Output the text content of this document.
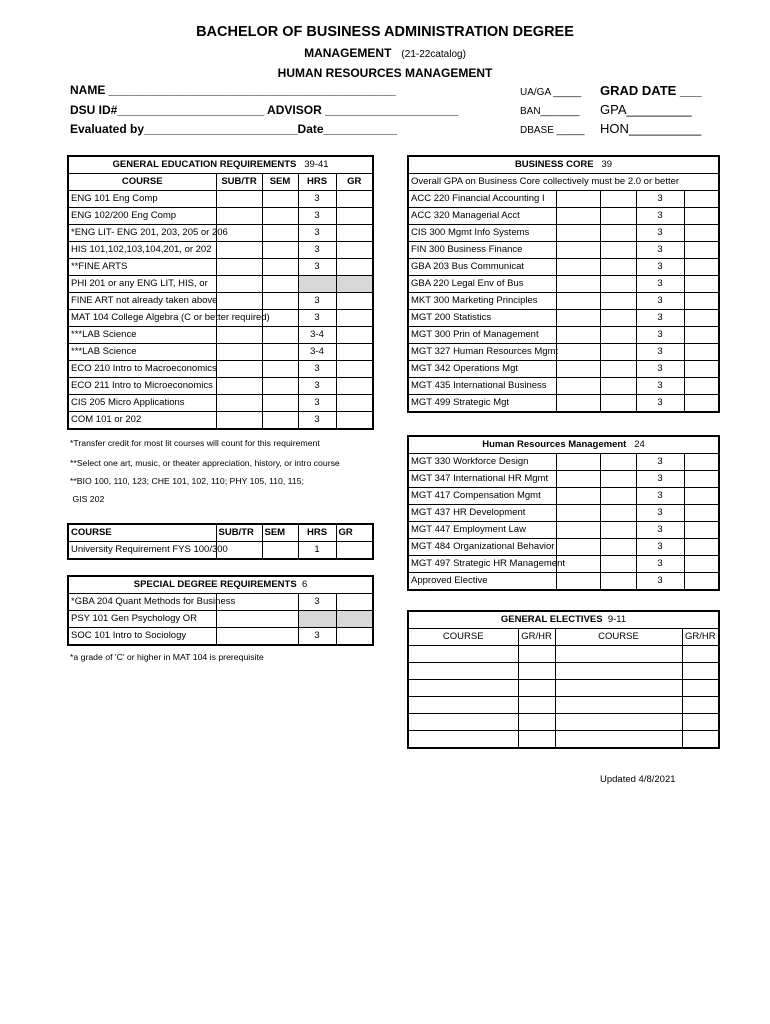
BACHELOR OF BUSINESS ADMINISTRATION DEGREE
MANAGEMENT (21-22catalog)
HUMAN RESOURCES MANAGEMENT
NAME ___________________________________________
DSU ID#______________________ ADVISOR ____________________
Evaluated by_______________________Date___________
UA/GA _____
BAN_______
DBASE _____
GRAD DATE ___
GPA_________
HON__________
GENERAL EDUCATION REQUIREMENTS 39-41				
COURSE	SUB/TR	SEM	HRS	GR
ENG 101 Eng Comp			3	
ENG 102/200 Eng Comp			3	
*ENG LIT- ENG 201, 203, 205 or 206			3	
HIS 101,102,103,104,201, or 202			3	
**FINE ARTS			3	
PHI 201 or any ENG LIT, HIS, or				
FINE ART not already taken above			3	
MAT 104 College Algebra (C or better required)			3	
***LAB Science			3-4	
***LAB Science			3-4	
ECO 210 Intro to Macroeconomics			3	
ECO 211 Intro to Microeconomics			3	
CIS 205 Micro Applications			3	
COM 101 or 202			3	
*Transfer credit for most lit courses will count for this requirement
**Select one art, music, or theater appreciation, history, or intro course
**BIO 100, 110, 123; CHE 101, 102, 110; PHY 105, 110, 115;
GIS 202
COURSE	SUB/TR	SEM	HRS	GR
University Requirement FYS 100/300			1	
SPECIAL DEGREE REQUIREMENTS 6			
*GBA 204 Quant Methods for Business		3	
PSY 101 Gen Psychology OR			
SOC 101 Intro to Sociology		3	
*a grade of 'C' or higher in MAT 104 is prerequisite
BUSINESS CORE 39				
Overall GPA on Business Core collectively must be 2.0 or better				
ACC 220 Financial Accounting I			3	
ACC 320 Managerial Acct			3	
CIS 300 Mgmt Info Systems			3	
FIN 300 Business Finance			3	
GBA 203 Bus Communicat			3	
GBA 220 Legal Env of Bus			3	
MKT 300 Marketing Principles			3	
MGT 200 Statistics			3	
MGT 300 Prin of Management			3	
MGT 327 Human Resources Mgmt			3	
MGT 342 Operations Mgt			3	
MGT 435 International Business			3	
MGT 499 Strategic Mgt			3	
Human Resources Management 24				
MGT 330 Workforce Design			3	
MGT 347 International HR Mgmt			3	
MGT 417 Compensation Mgmt			3	
MGT 437 HR Development			3	
MGT 447 Employment Law			3	
MGT 484 Organizational Behavior			3	
MGT 497 Strategic HR Management			3	
Approved Elective			3	
GENERAL ELECTIVES 9-11			
COURSE	GR/HR	COURSE	GR/HR

Updated 4/8/2021
